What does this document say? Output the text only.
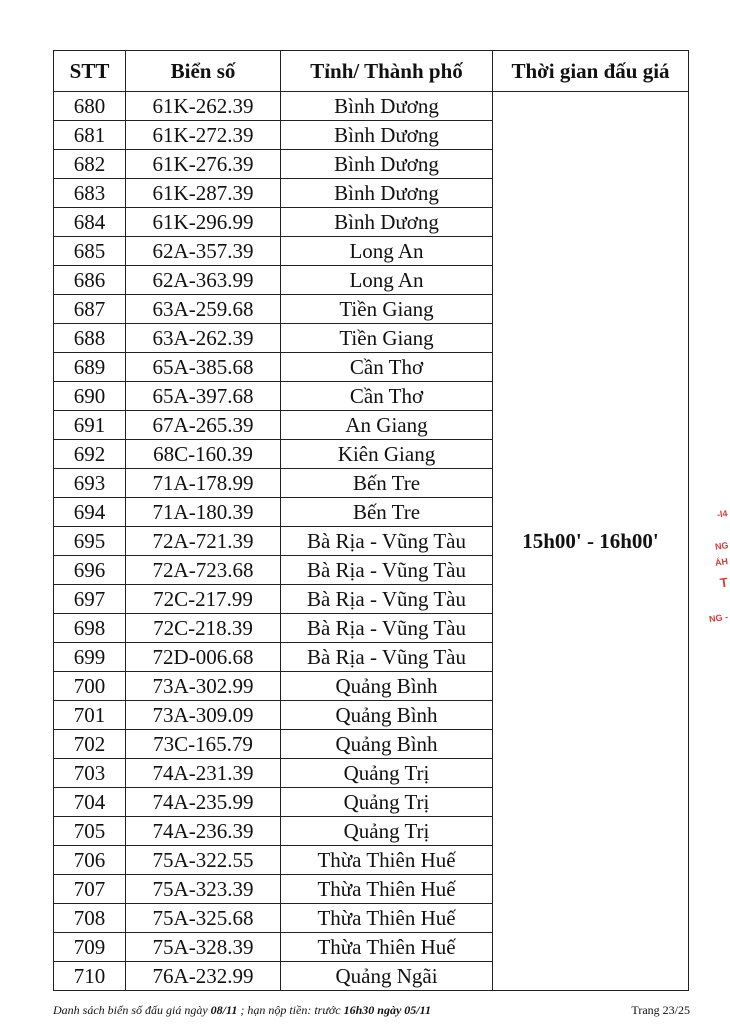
STT	Biển số	Tỉnh/ Thành phố	Thời gian đấu giá
680	61K-262.39	Bình Dương	15h00' - 16h00'
681	61K-272.39	Bình Dương	
682	61K-276.39	Bình Dương	
683	61K-287.39	Bình Dương	
684	61K-296.99	Bình Dương	
685	62A-357.39	Long An	
686	62A-363.99	Long An	
687	63A-259.68	Tiền Giang	
688	63A-262.39	Tiền Giang	
689	65A-385.68	Cần Thơ	
690	65A-397.68	Cần Thơ	
691	67A-265.39	An Giang	
692	68C-160.39	Kiên Giang	
693	71A-178.99	Bến Tre	
694	71A-180.39	Bến Tre	
695	72A-721.39	Bà Rịa - Vũng Tàu	
696	72A-723.68	Bà Rịa - Vũng Tàu	
697	72C-217.99	Bà Rịa - Vũng Tàu	
698	72C-218.39	Bà Rịa - Vũng Tàu	
699	72D-006.68	Bà Rịa - Vũng Tàu	
700	73A-302.99	Quảng Bình	
701	73A-309.09	Quảng Bình	
702	73C-165.79	Quảng Bình	
703	74A-231.39	Quảng Trị	
704	74A-235.99	Quảng Trị	
705	74A-236.39	Quảng Trị	
706	75A-322.55	Thừa Thiên Huế	
707	75A-323.39	Thừa Thiên Huế	
708	75A-325.68	Thừa Thiên Huế	
709	75A-328.39	Thừa Thiên Huế	
710	76A-232.99	Quảng Ngãi	
Danh sách biển số đấu giá ngày 08/11 ; hạn nộp tiền: trước 16h30 ngày 05/11	Trang 23/25
-l4
NG
ÁH
T
NG -
